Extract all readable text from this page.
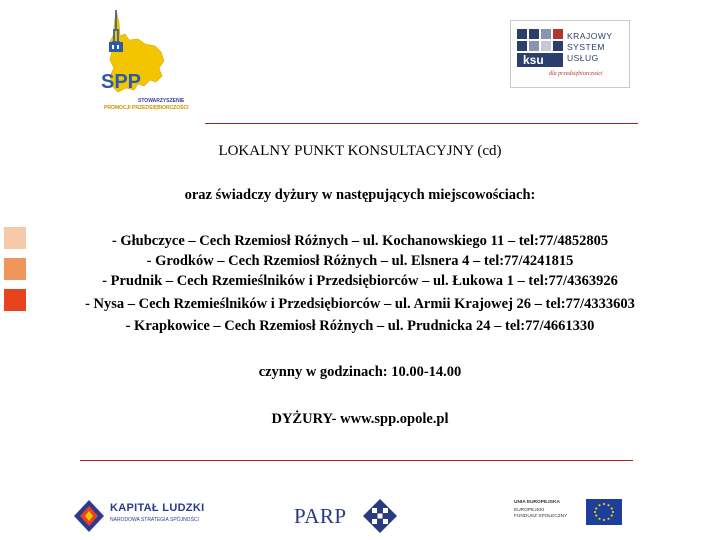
SPP
STOWARZYSZENIE
PROMOCJI PRZEDSIĘBIORCZOŚCI
ksu
KRAJOWY
SYSTEM
USŁUG
dla przedsiębiorczości
LOKALNY PUNKT KONSULTACYJNY (cd)
oraz świadczy dyżury w następujących miejscowościach:
- Głubczyce – Cech Rzemiosł Różnych – ul. Kochanowskiego 11 – tel:77/4852805
- Grodków – Cech Rzemiosł Różnych – ul. Elsnera 4 – tel:77/4241815
- Prudnik – Cech Rzemieślników i Przedsiębiorców – ul. Łukowa 1 – tel:77/4363926
- Nysa – Cech Rzemieślników i Przedsiębiorców – ul. Armii Krajowej 26 – tel:77/4333603
- Krapkowice – Cech Rzemiosł Różnych – ul. Prudnicka 24 – tel:77/4661330
czynny w godzinach: 10.00-14.00
DYŻURY- www.spp.opole.pl
KAPITAŁ LUDZKI
NARODOWA STRATEGIA SPÓJNOŚCI	PARP
UNIA EUROPEJSKA
EUROPEJSKI
FUNDUSZ SPOŁECZNY
